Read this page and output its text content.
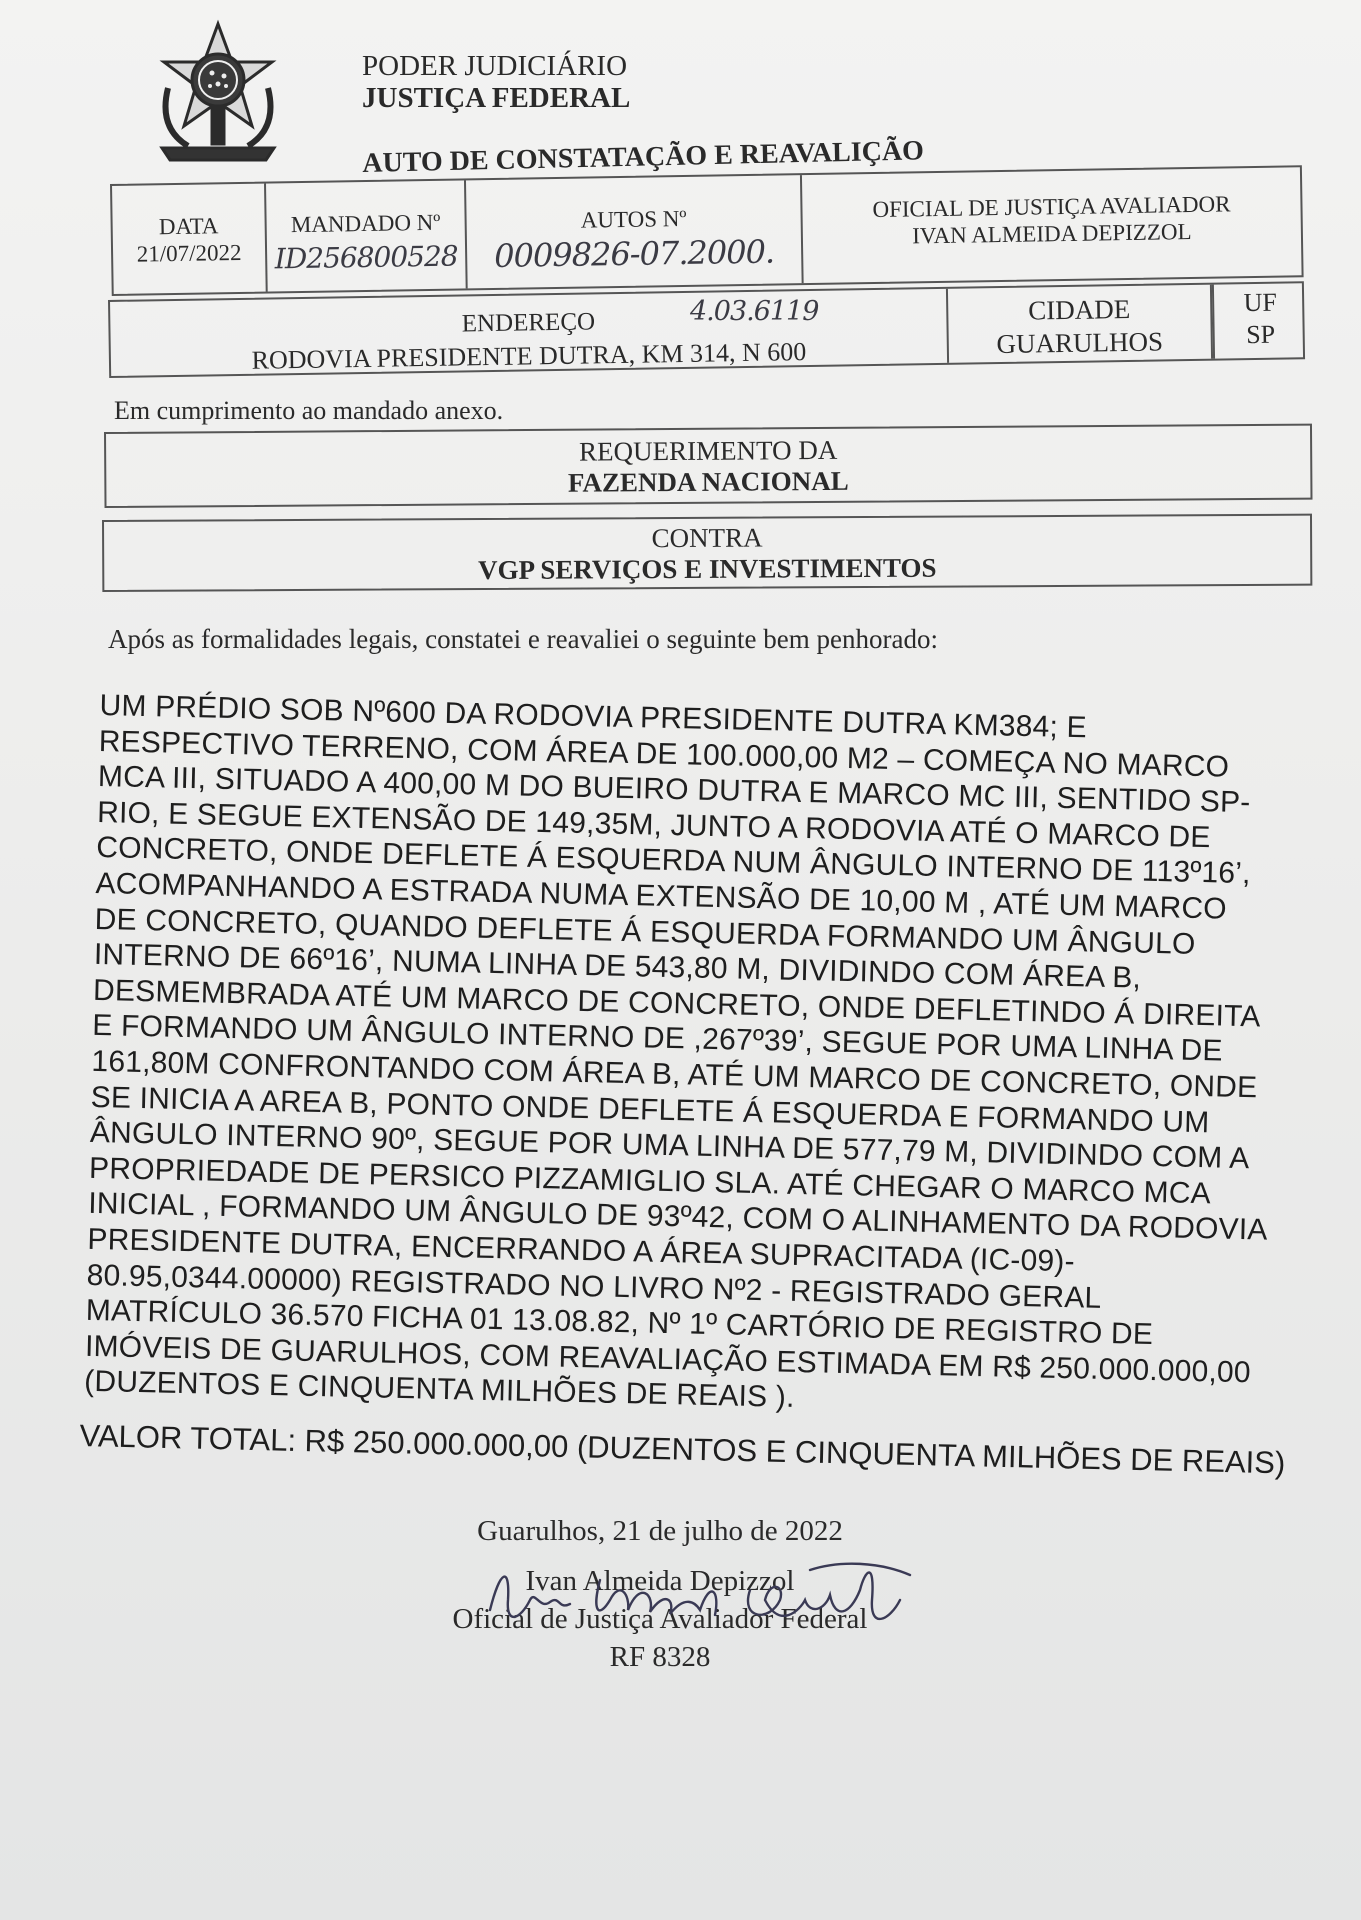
PODER JUDICIÁRIO
JUSTIÇA FEDERAL
AUTO DE CONSTATAÇÃO E REAVALIÇÃO
DATA
21/07/2022
MANDADO Nº
ID256800528
AUTOS Nº
0009826-07.2000.
OFICIAL DE JUSTIÇA AVALIADOR
IVAN ALMEIDA DEPIZZOL
4.03.6119
ENDEREÇO
RODOVIA PRESIDENTE DUTRA, KM 314, N 600
CIDADE
GUARULHOS
UF
SP
Em cumprimento ao mandado anexo.
REQUERIMENTO DA
FAZENDA NACIONAL
CONTRA
VGP SERVIÇOS E INVESTIMENTOS
Após as formalidades legais, constatei e reavaliei o seguinte bem penhorado:
UM PRÉDIO SOB Nº600 DA RODOVIA PRESIDENTE DUTRA KM384; E
RESPECTIVO TERRENO, COM ÁREA DE 100.000,00 M2 – COMEÇA NO MARCO
MCA III, SITUADO A 400,00 M DO BUEIRO DUTRA E MARCO MC III, SENTIDO SP-
RIO, E SEGUE EXTENSÃO DE 149,35M, JUNTO A RODOVIA ATÉ O MARCO DE
CONCRETO, ONDE DEFLETE Á ESQUERDA NUM ÂNGULO INTERNO DE 113º16’,
ACOMPANHANDO A ESTRADA NUMA EXTENSÃO DE 10,00 M , ATÉ UM MARCO
DE CONCRETO, QUANDO DEFLETE Á ESQUERDA FORMANDO UM ÂNGULO
INTERNO DE 66º16’, NUMA LINHA DE 543,80 M, DIVIDINDO COM ÁREA B,
DESMEMBRADA ATÉ UM MARCO DE CONCRETO, ONDE DEFLETINDO Á DIREITA
E FORMANDO UM ÂNGULO INTERNO DE ,267º39’, SEGUE POR UMA LINHA DE
161,80M CONFRONTANDO COM ÁREA B, ATÉ UM MARCO DE CONCRETO, ONDE
SE INICIA A AREA B, PONTO ONDE DEFLETE Á ESQUERDA E FORMANDO UM
ÂNGULO INTERNO 90º, SEGUE POR UMA LINHA DE 577,79 M, DIVIDINDO COM A
PROPRIEDADE DE PERSICO PIZZAMIGLIO SLA. ATÉ CHEGAR O MARCO MCA
INICIAL , FORMANDO UM ÂNGULO DE 93º42, COM O ALINHAMENTO DA RODOVIA
PRESIDENTE DUTRA, ENCERRANDO A ÁREA SUPRACITADA (IC-09)-
80.95,0344.00000) REGISTRADO NO LIVRO Nº2 - REGISTRADO GERAL
MATRÍCULO 36.570 FICHA 01 13.08.82, Nº 1º CARTÓRIO DE REGISTRO DE
IMÓVEIS DE GUARULHOS, COM REAVALIAÇÃO ESTIMADA EM R$ 250.000.000,00
(DUZENTOS E CINQUENTA MILHÕES DE REAIS ).
VALOR TOTAL: R$ 250.000.000,00 (DUZENTOS E CINQUENTA MILHÕES DE REAIS)
Guarulhos, 21 de julho de 2022
Ivan Almeida Depizzol
Oficial de Justiça Avaliador Federal
RF 8328
